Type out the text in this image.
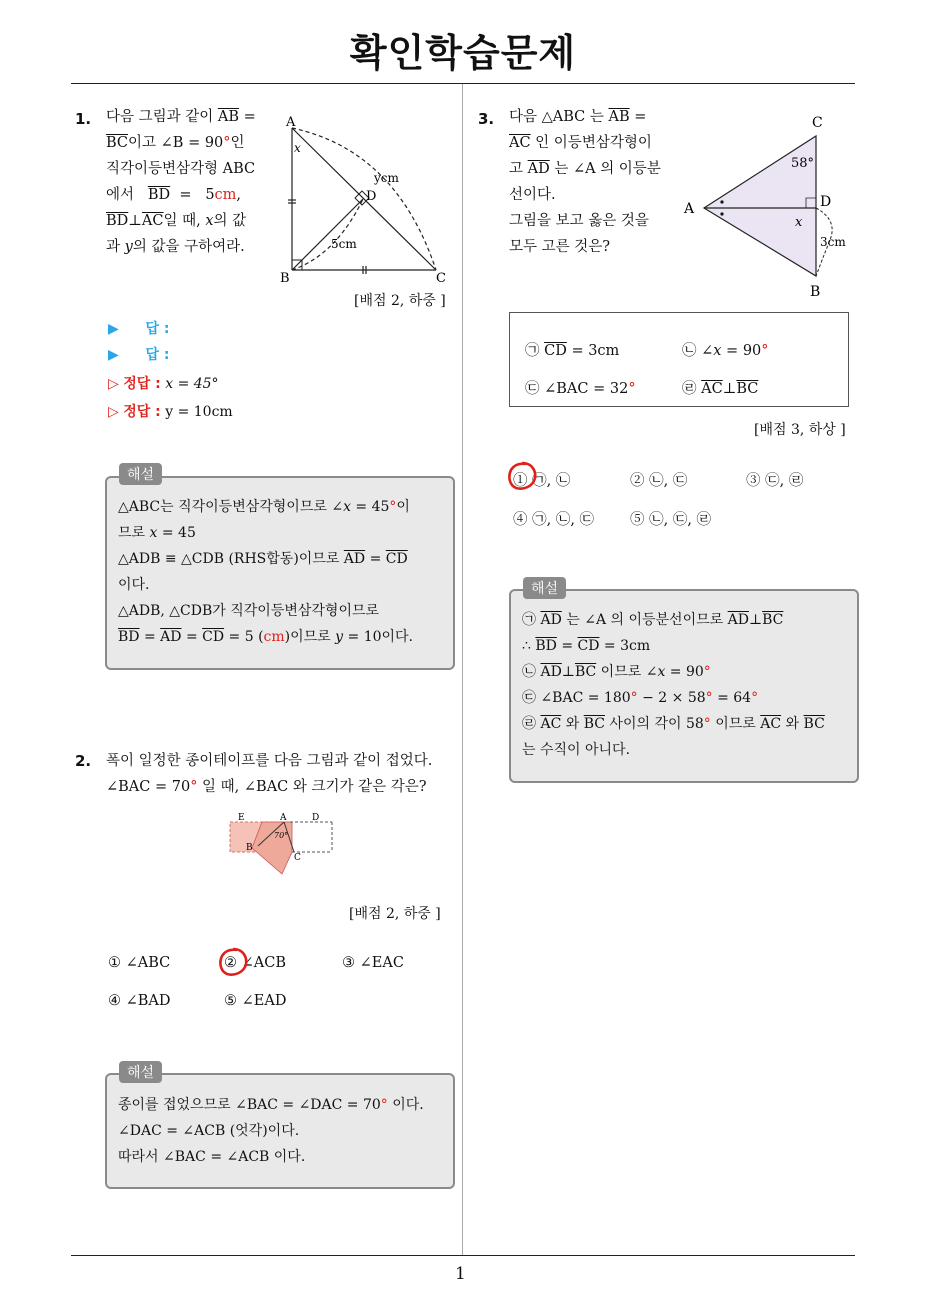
확인학습문제
1
1. 다음 그림과 같이 $\overline{AB}$ =
$\overline{BC}$이고 ∠B = 90°인
직각이등변삼각형 ABC
에서   $\overline{BD} = 5cm$,
$\overline{BD}\perp\overline{AC}$일 때, x의 값
과 y의 값을 구하여라.
A
B	C
D
x
ycm
5cm
[배점 2, 하중 ]
▶ 답 :
▶ 답 :
▷ 정답 : x = 45°
▷ 정답 : y = 10cm
해설
△ABC는 직각이등변삼각형이므로 ∠x = 45°이
므로 x = 45
△ADB ≡ △CDB (RHS합동)이므로 $\overline{AD} = \overline{CD}$
이다.
△ADB, △CDB가 직각이등변삼각형이므로
$\overline{BD} = \overline{AD} = \overline{CD} = 5$ (cm)이므로 y = 10이다.
2. 폭이 일정한 종이테이프를 다음 그림과 같이 접었다.
∠BAC = 70° 일 때, ∠BAC 와 크기가 같은 각은?
E	A	D
B
C
70°
[배점 2, 하중 ]
① ∠ABC	② ∠ACB	③ ∠EAC
④ ∠BAD	⑤ ∠EAD
해설
종이를 접었으므로 ∠BAC = ∠DAC = 70° 이다.
∠DAC = ∠ACB (엇각)이다.
따라서 ∠BAC = ∠ACB 이다.
3. 다음 △ABC 는 $\overline{AB}$ =
$\overline{AC}$ 인 이등변삼각형이
고 $\overline{AD}$ 는 ∠A 의 이등분
선이다.
그림을 보고 옳은 것을
모두 고른 것은?
C
A	D
B
58°
x
3cm
㉠ $\overline{CD} = 3cm$	㉡ ∠x = 90°
㉢ ∠BAC = 32°	㉣ $\overline{AC}\perp\overline{BC}$
[배점 3, 하상 ]
① ㉠, ㉡	② ㉡, ㉢	③ ㉢, ㉣
④ ㉠, ㉡, ㉢ ⑤ ㉡, ㉢, ㉣
해설
㉠ $\overline{AD}$ 는 ∠A 의 이등분선이므로 $\overline{AD}\perp\overline{BC}$
∴ $\overline{BD} = \overline{CD} = 3cm$
㉡ $\overline{AD}\perp\overline{BC}$ 이므로 ∠x = 90°
㉢ ∠BAC = 180° − 2 × 58° = 64°
㉣ $\overline{AC}$ 와 $\overline{BC}$ 사이의 각이 58° 이므로 $\overline{AC}$ 와 $\overline{BC}$
는 수직이 아니다.
